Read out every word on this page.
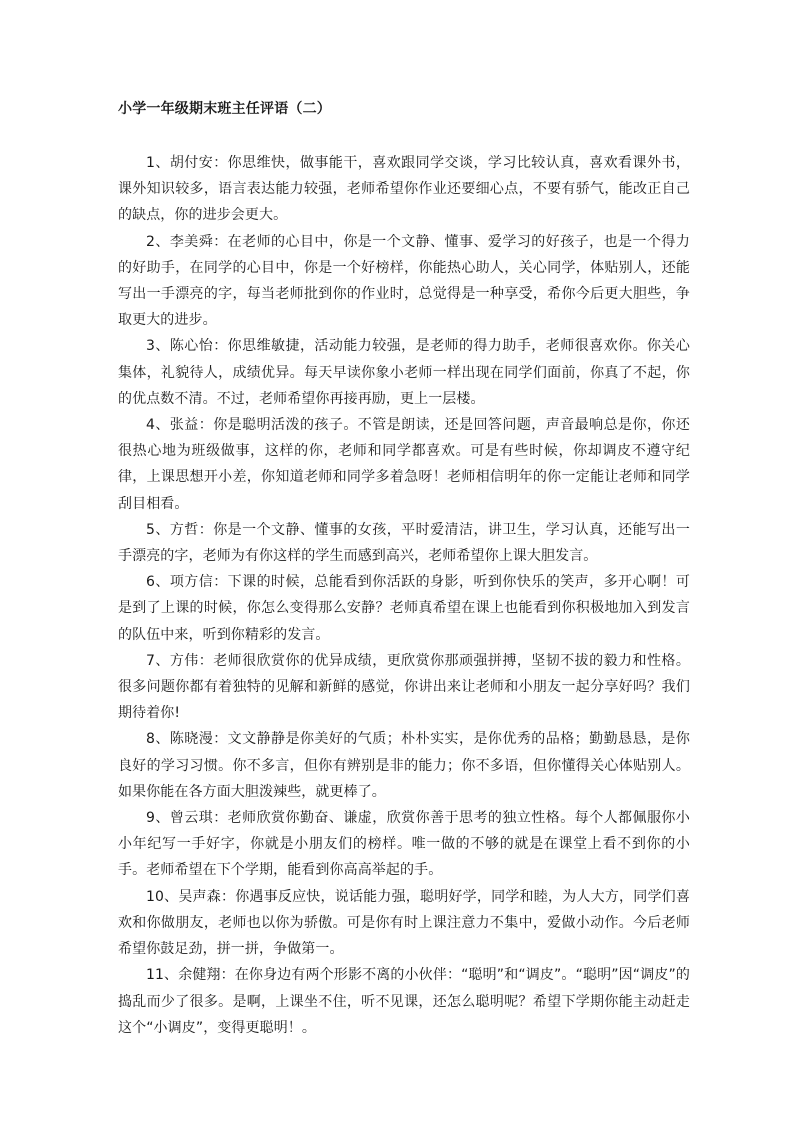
小学一年级期末班主任评语（二）

1、胡付安：你思维快，做事能干，喜欢跟同学交谈，学习比较认真，喜欢看课外书，课外知识较多，语言表达能力较强，老师希望你作业还要细心点，不要有骄气，能改正自己的缺点，你的进步会更大。

2、李美舜：在老师的心目中，你是一个文静、懂事、爱学习的好孩子，也是一个得力的好助手，在同学的心目中，你是一个好榜样，你能热心助人，关心同学，体贴别人，还能写出一手漂亮的字，每当老师批到你的作业时，总觉得是一种享受，希你今后更大胆些，争取更大的进步。

3、陈心怡：你思维敏捷，活动能力较强，是老师的得力助手，老师很喜欢你。你关心集体，礼貌待人，成绩优异。每天早读你象小老师一样出现在同学们面前，你真了不起，你的优点数不清。不过，老师希望你再接再励，更上一层楼。

4、张益：你是聪明活泼的孩子。不管是朗读，还是回答问题，声音最响总是你，你还很热心地为班级做事，这样的你，老师和同学都喜欢。可是有些时候，你却调皮不遵守纪律，上课思想开小差，你知道老师和同学多着急呀！老师相信明年的你一定能让老师和同学刮目相看。

5、方哲：你是一个文静、懂事的女孩，平时爱清洁，讲卫生，学习认真，还能写出一手漂亮的字，老师为有你这样的学生而感到高兴，老师希望你上课大胆发言。

6、项方信：下课的时候，总能看到你活跃的身影，听到你快乐的笑声，多开心啊！可是到了上课的时候，你怎么变得那么安静？老师真希望在课上也能看到你积极地加入到发言的队伍中来，听到你精彩的发言。

7、方伟：老师很欣赏你的优异成绩，更欣赏你那顽强拼搏，坚韧不拔的毅力和性格。很多问题你都有着独特的见解和新鲜的感觉，你讲出来让老师和小朋友一起分享好吗？我们期待着你!

8、陈晓漫：文文静静是你美好的气质；朴朴实实，是你优秀的品格；勤勤恳恳，是你良好的学习习惯。你不多言，但你有辨别是非的能力；你不多语，但你懂得关心体贴别人。如果你能在各方面大胆泼辣些，就更棒了。

9、曾云琪：老师欣赏你勤奋、谦虚，欣赏你善于思考的独立性格。每个人都佩服你小小年纪写一手好字，你就是小朋友们的榜样。唯一做的不够的就是在课堂上看不到你的小手。老师希望在下个学期，能看到你高高举起的手。

10、吴声森：你遇事反应快，说话能力强，聪明好学，同学和睦，为人大方，同学们喜欢和你做朋友，老师也以你为骄傲。可是你有时上课注意力不集中，爱做小动作。今后老师希望你鼓足劲，拼一拼，争做第一。

11、余健翔：在你身边有两个形影不离的小伙伴：“聪明”和“调皮”。“聪明”因“调皮”的捣乱而少了很多。是啊，上课坐不住，听不见课，还怎么聪明呢？希望下学期你能主动赶走这个“小调皮”，变得更聪明！。
